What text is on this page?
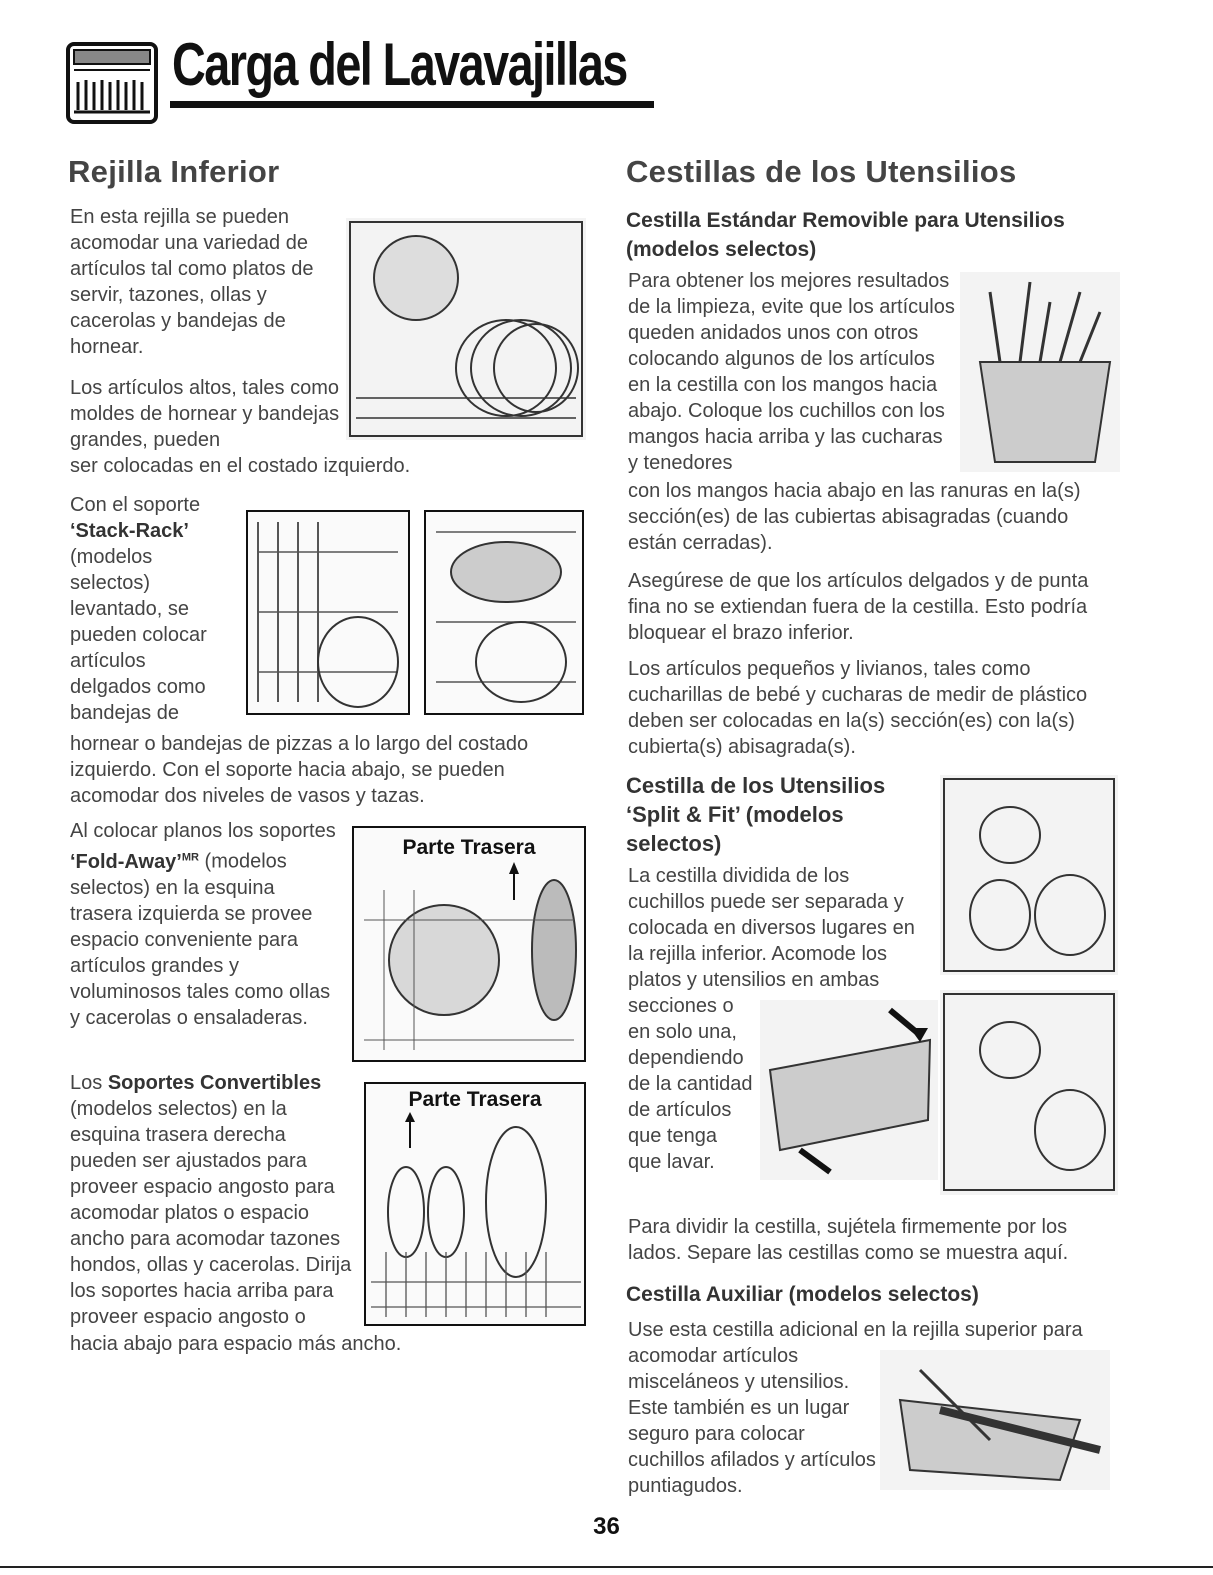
Carga del Lavavajillas
Rejilla Inferior

En esta rejilla se pueden acomodar una variedad de artículos tal como platos de servir, tazones, ollas y cacerolas y bandejas de hornear.

Los artículos altos, tales como moldes de hornear y bandejas grandes, pueden

ser colocadas en el costado izquierdo.

Con el soporte ‘Stack-Rack’ (modelos selectos) levantado, se pueden colocar artículos delgados como bandejas de

hornear o bandejas de pizzas a lo largo del costado izquierdo. Con el soporte hacia abajo, se pueden acomodar dos niveles de vasos y tazas.

Al colocar planos los soportes ‘Fold-Away’$^{MR}$ (modelos selectos) en la esquina trasera izquierda se provee espacio conveniente para artículos grandes y voluminosos tales como ollas y cacerolas o ensaladeras.

Parte Trasera

Los Soportes Convertibles (modelos selectos) en la esquina trasera derecha pueden ser ajustados para proveer espacio angosto para acomodar platos o espacio ancho para acomodar tazones hondos, ollas y cacerolas. Dirija los soportes hacia arriba para proveer espacio angosto o

Parte Trasera

hacia abajo para espacio más ancho.

Cestillas de los Utensilios
Cestilla Estándar Removible para Utensilios (modelos selectos)

Para obtener los mejores resultados de la limpieza, evite que los artículos queden anidados unos con otros colocando algunos de los artículos en la cestilla con los mangos hacia abajo. Coloque los cuchillos con los mangos hacia arriba y las cucharas y tenedores

con los mangos hacia abajo en las ranuras en la(s) sección(es) de las cubiertas abisagradas (cuando están cerradas).

Asegúrese de que los artículos delgados y de punta fina no se extiendan fuera de la cestilla. Esto podría bloquear el brazo inferior.

Los artículos pequeños y livianos, tales como cucharillas de bebé y cucharas de medir de plástico deben ser colocadas en la(s) sección(es) con la(s) cubierta(s) abisagrada(s).

Cestilla de los Utensilios ‘Split & Fit’ (modelos selectos)

La cestilla dividida de los cuchillos puede ser separada y colocada en diversos lugares en la rejilla inferior. Acomode los platos y utensilios en ambas

secciones o en solo una, dependiendo de la cantidad de artículos que tenga que lavar.

Para dividir la cestilla, sujétela firmemente por los lados. Separe las cestillas como se muestra aquí.

Cestilla Auxiliar (modelos selectos)

Use esta cestilla adicional en la rejilla superior para

acomodar artículos misceláneos y utensilios. Este también es un lugar seguro para colocar cuchillos afilados y artículos puntiagudos.

36
